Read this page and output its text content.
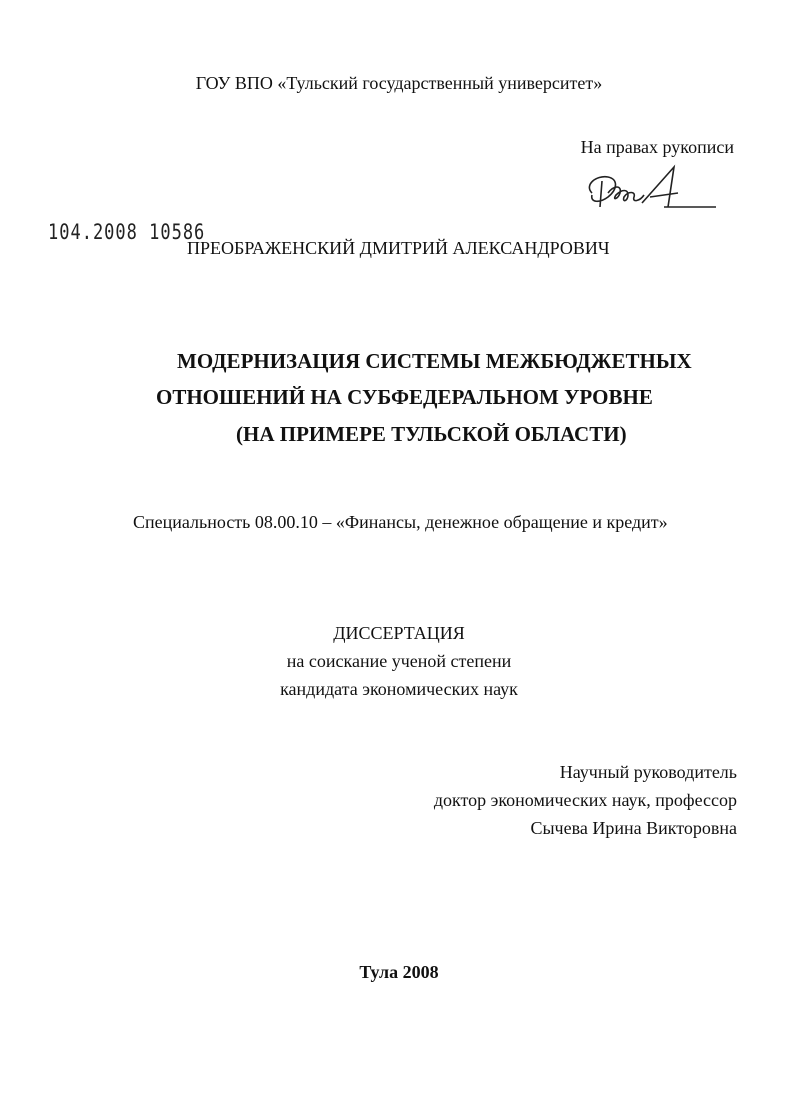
ГОУ ВПО «Тульский государственный университет»
На правах рукописи
104.2008 10586
ПРЕОБРАЖЕНСКИЙ ДМИТРИЙ АЛЕКСАНДРОВИЧ
МОДЕРНИЗАЦИЯ СИСТЕМЫ МЕЖБЮДЖЕТНЫХ
ОТНОШЕНИЙ НА СУБФЕДЕРАЛЬНОМ УРОВНЕ
(НА ПРИМЕРЕ ТУЛЬСКОЙ ОБЛАСТИ)
Специальность 08.00.10 – «Финансы, денежное обращение и кредит»
ДИССЕРТАЦИЯ
на соискание ученой степени
кандидата экономических наук
Научный руководитель
доктор экономических наук, профессор
Сычева Ирина Викторовна
Тула 2008
